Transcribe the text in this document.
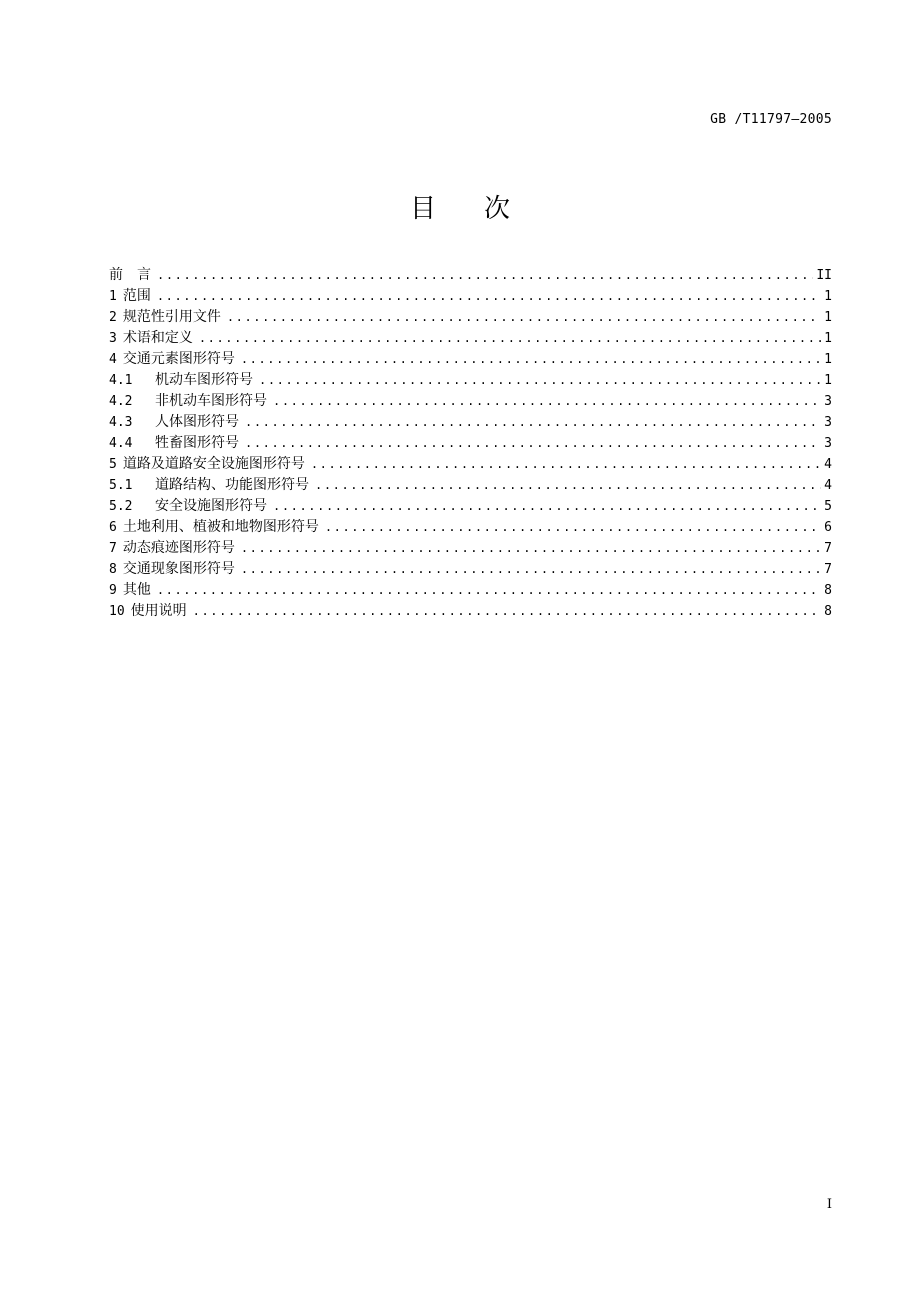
GB /T11797—2005
目 次
前　言 .....	II
1 范围 .....	1
2 规范性引用文件 .....	1
3 术语和定义 .....	1
4 交通元素图形符号 .....	1
4.1	机动车图形符号 .....	1
4.2	非机动车图形符号 .....	3
4.3	人体图形符号 .....	3
4.4	牲畜图形符号 .....	3
5 道路及道路安全设施图形符号 .....	4
5.1	道路结构、功能图形符号 .....	4
5.2	安全设施图形符号 .....	5
6 土地利用、植被和地物图形符号 .....	6
7 动态痕迹图形符号 .....	7
8 交通现象图形符号 .....	7
9 其他 .....	8
10 使用说明 .....	8
I
